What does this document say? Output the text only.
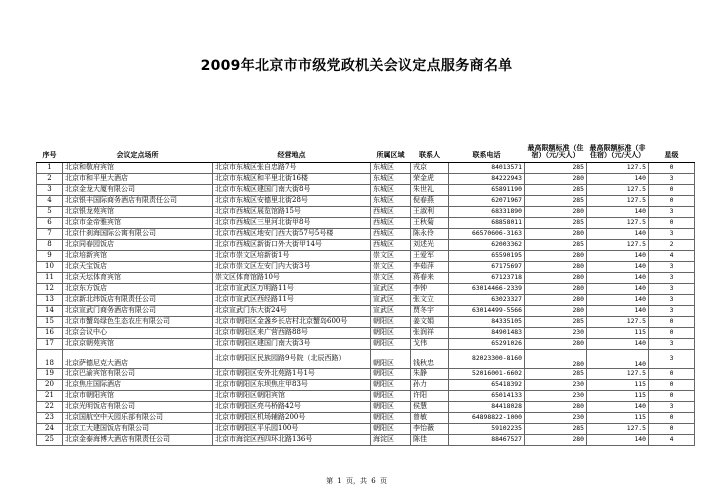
2009年北京市市级党政机关会议定点服务商名单
序号	会议定点场所	经营地点	所属区域	联系人	联系电话	最高限额标准（住宿）（元/天人）	最高限额标准（非住宿）（元/天人）	星级
1	北京和敬府宾馆	北京市东城区张自忠路7号	东城区	戎京	84013571	285	127.5	0
2	北京市和平里大酒店	北京市东城区和平里北街16楼	东城区	荣金虎	84222943	280	140	3
3	北京金龙大厦有限公司	北京市东城区建国门南大街8号	东城区	朱世礼	65891190	285	127.5	0
4	北京银丰国际商务酒店有限责任公司	北京市东城区安德里北街28号	东城区	倪春燕	62071967	285	127.5	0
5	北京银龙苑宾馆	北京市西城区展览馆路15号	西城区	王淑利	68331890	280	140	3
6	北京市金帝雅宾馆	北京市西城区三里河北街甲8号	西城区	王秋菊	68858011	285	127.5	0
7	北京什刹海国际公寓有限公司	北京市西城区地安门西大街57号5号楼	西城区	陈永伶	66570606-3163	280	140	3
8	北京同春园饭店	北京市西城区新街口外大街甲14号	西城区	刘述光	62003362	285	127.5	2
9	北京培新宾馆	北京市崇文区培新街1号	崇文区	王爱军	65590195	280	140	4
10	北京天宝饭店	北京市崇文区左安门内大街3号	崇文区	李茹萍	67175697	280	140	3
11	北京天坛体育宾馆	崇文区体育馆路10号	崇文区	蒋春来	67123718	280	140	3
12	北京东方饭店	北京市宣武区万明路11号	宣武区	李钟	63014466-2339	280	140	3
13	北京新北纬饭店有限责任公司	北京市宣武区西经路11号	宣武区	张文立	63023327	280	140	3
14	北京宣武门商务酒店有限公司	北京宣武门东大街24号	宣武区	贾冬宇	63014499-5566	280	140	3
15	北京市蟹岛绿色生态农庄有限公司	北京市朝阳区金盏乡长店村北京蟹岛600号	朝阳区	姜文娟	84335105	285	127.5	0
16	北京会议中心	北京市朝阳区来广营西路88号	朝阳区	张润祥	84901483	230	115	0
17	北京京朝苑宾馆	北京市朝阳区建国门南大街3号	朝阳区	戈伟	65291026	280	140	3
18	北京萨德尼克大酒店	北京市朝阳区民族园路9号院（北辰西路）	朝阳区	钱秋忠	82023300-8160	280	140	3
19	北京巴渝宾馆有限公司	北京市朝阳区安外北苑路1号1号	朝阳区	朱静	52016001-6602	285	127.5	0
20	北京焦庄国际酒店	北京市朝阳区东坝焦庄甲83号	朝阳区	孙力	65418392	230	115	0
21	北京市朝阳宾馆	北京市朝阳区朝阳宾馆	朝阳区	许阳	65014133	230	115	0
22	北京光明饭店有限公司	北京市朝阳区亮马桥路42号	朝阳区	侯慧	84418028	280	140	3
23	北京国航空中天园乐部有限公司	北京市朝阳区机场辅路200号	朝阳区	曾敏	64898822-1000	230	115	0
24	北京工大建国饭店有限公司	北京市朝阳区平乐园100号	朝阳区	李怡薇	59102235	285	127.5	0
25	北京金泰海博大酒店有限责任公司	北京市海淀区西四环北路136号	海淀区	陈佳	88467527	280	140	4
第 1 页，共 6 页
